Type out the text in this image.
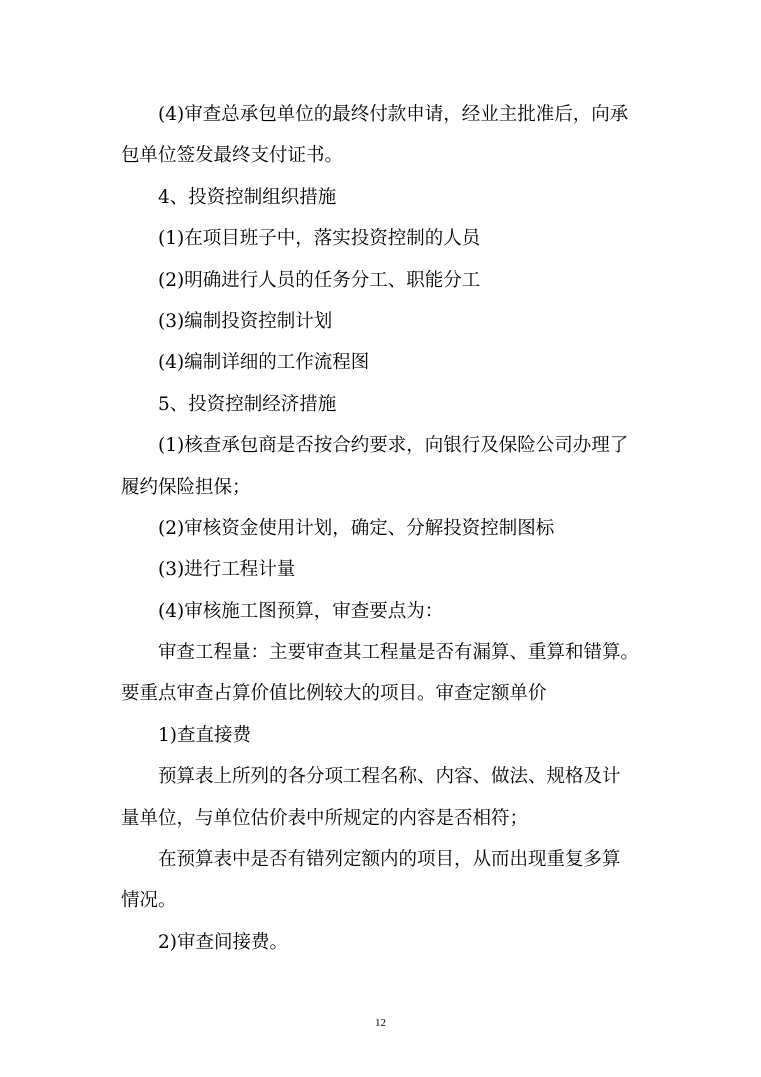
(4)审查总承包单位的最终付款申请，经业主批准后，向承
包单位签发最终支付证书。
4、投资控制组织措施
(1)在项目班子中，落实投资控制的人员
(2)明确进行人员的任务分工、职能分工
(3)编制投资控制计划
(4)编制详细的工作流程图
5、投资控制经济措施
(1)核查承包商是否按合约要求，向银行及保险公司办理了
履约保险担保；
(2)审核资金使用计划，确定、分解投资控制图标
(3)进行工程计量
(4)审核施工图预算，审查要点为：
审查工程量：主要审查其工程量是否有漏算、重算和错算。
要重点审查占算价值比例较大的项目。审查定额单价
1)查直接费
预算表上所列的各分项工程名称、内容、做法、规格及计
量单位，与单位估价表中所规定的内容是否相符；
在预算表中是否有错列定额内的项目，从而出现重复多算
情况。
2)审查间接费。
12
